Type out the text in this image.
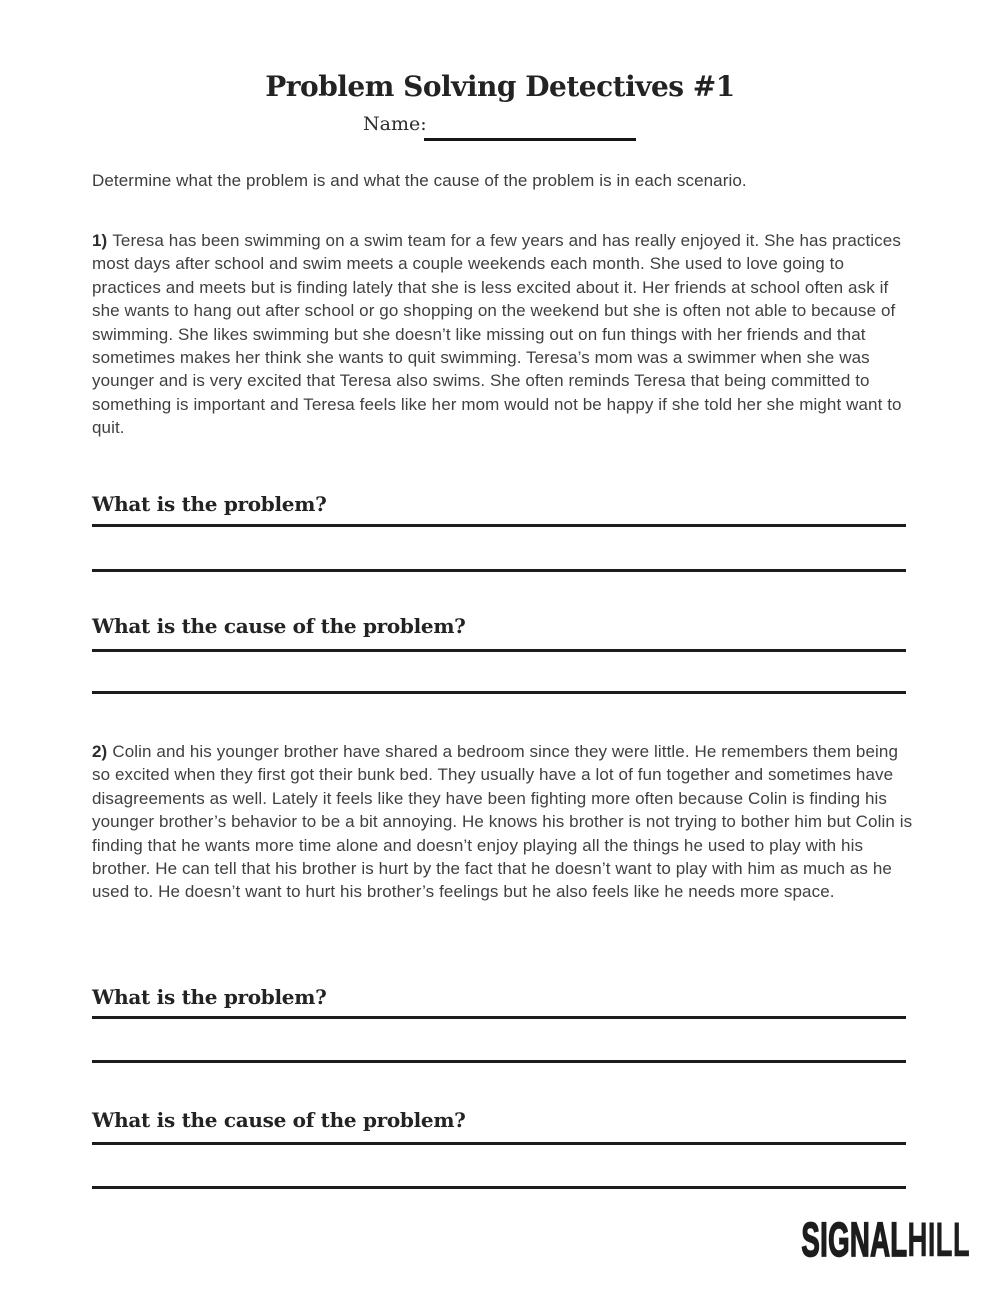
Problem Solving Detectives #1
Name:

Determine what the problem is and what the cause of the problem is in each scenario.

1) Teresa has been swimming on a swim team for a few years and has really enjoyed it. She has practices most days after school and swim meets a couple weekends each month. She used to love going to practices and meets but is finding lately that she is less excited about it. Her friends at school often ask if she wants to hang out after school or go shopping on the weekend but she is often not able to because of swimming. She likes swimming but she doesn’t like missing out on fun things with her friends and that sometimes makes her think she wants to quit swimming. Teresa’s mom was a swimmer when she was younger and is very excited that Teresa also swims. She often reminds Teresa that being committed to something is important and Teresa feels like her mom would not be happy if she told her she might want to quit.

What is the problem?
What is the cause of the problem?

2) Colin and his younger brother have shared a bedroom since they were little. He remembers them being so excited when they first got their bunk bed. They usually have a lot of fun together and sometimes have disagreements as well. Lately it feels like they have been fighting more often because Colin is finding his younger brother’s behavior to be a bit annoying. He knows his brother is not trying to bother him but Colin is finding that he wants more time alone and doesn’t enjoy playing all the things he used to play with his brother. He can tell that his brother is hurt by the fact that he doesn’t want to play with him as much as he used to. He doesn’t want to hurt his brother’s feelings but he also feels like he needs more space.

What is the problem?
What is the cause of the problem?
SIGNALHILL
